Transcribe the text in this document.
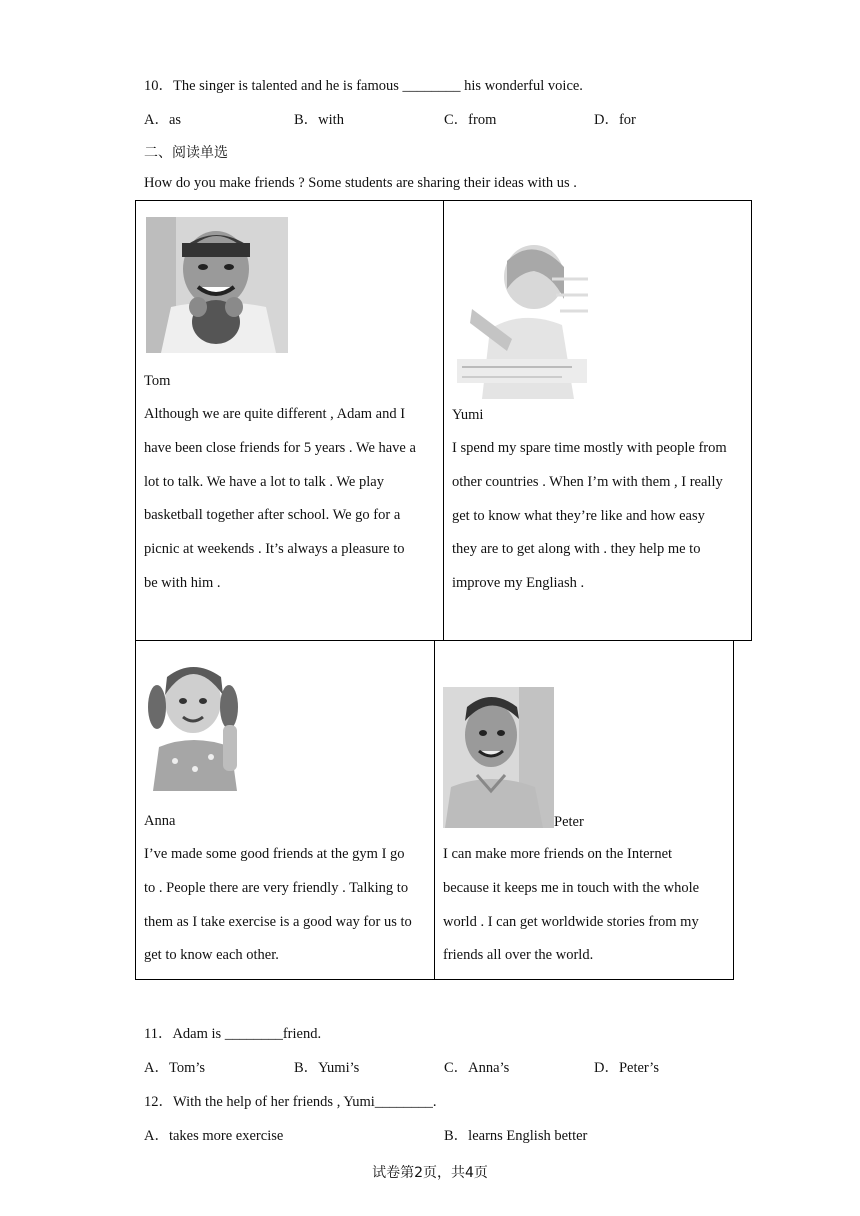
10．The singer is talented and he is famous ________ his wonderful voice.
A．as	B．with	C．from	D．for
二、阅读单选
How do you make friends ? Some students are sharing their ideas with us .
Tom
Although we are quite different , Adam and I
have been close friends for 5 years . We have a
lot to talk. We have a lot to talk . We play
basketball together after school. We go for a
picnic at weekends . It’s always a pleasure to
be with him .
Yumi
I spend my spare time mostly with people from
other countries . When I’m with them , I really
get to know what they’re like and how easy
they are to get along with . they help me to
improve my Engliash .
Anna
I’ve made some good friends at the gym I go
to . People there are very friendly . Talking to
them as I take exercise is a good way for us to
get to know each other.
Peter
I can make more friends on the Internet
because it keeps me in touch with the whole
world . I can get worldwide stories from my
friends all over the world.
11．Adam is ________friend.
A．Tom’s	B．Yumi’s	C．Anna’s	D．Peter’s
12．With the help of her friends , Yumi________.
A．takes more exercise	B．learns English better
试卷第2页，共4页
